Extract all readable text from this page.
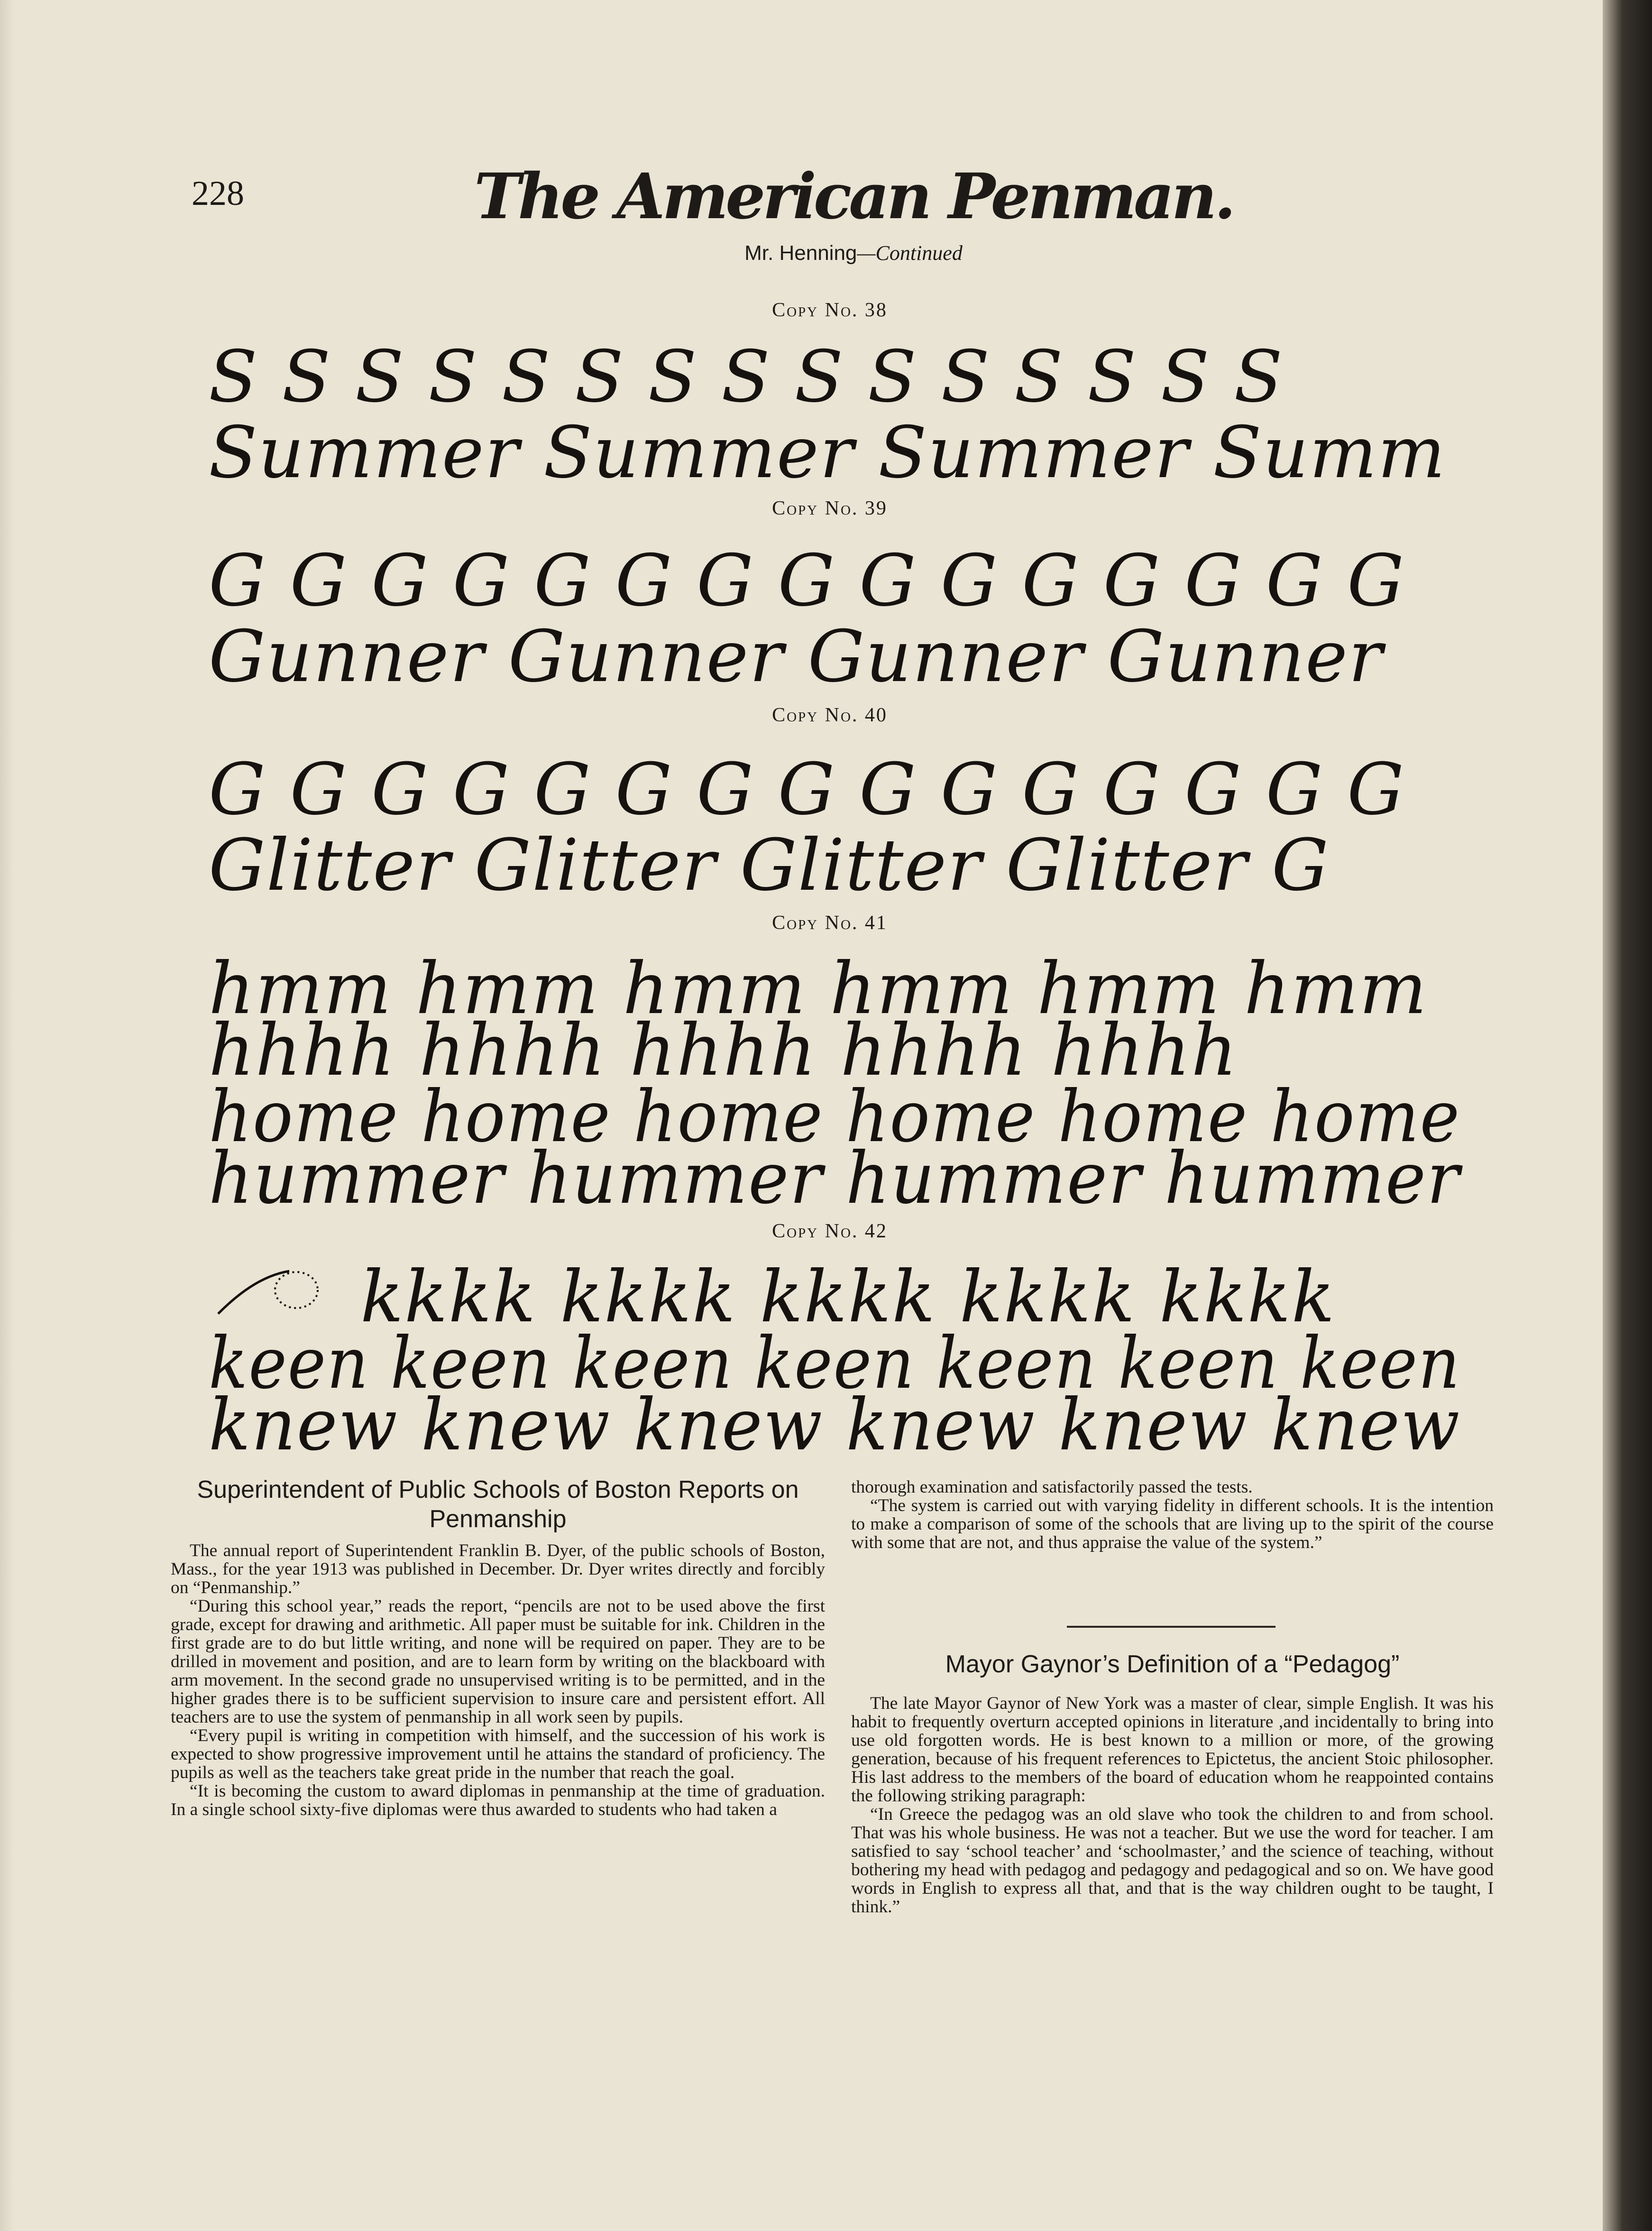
228	The American Penman.
Mr. Henning—Continued
Copy No. 38
S S S S S S S S S S S S S S S
Summer Summer Summer Summ
Copy No. 39
G G G G G G G G G G G G G G G
Gunner Gunner Gunner Gunner
Copy No. 40
G G G G G G G G G G G G G G G
Glitter Glitter Glitter Glitter G
Copy No. 41
hmm hmm hmm hmm hmm hmm
hhhh hhhh hhhh hhhh hhhh
home home home home home home
hummer hummer hummer hummer
Copy No. 42
kkkk kkkk kkkk kkkk kkkk
keen keen keen keen keen keen keen
knew knew knew knew knew knew
Superintendent of Public Schools of Boston Reports on Penmanship

The annual report of Superintendent Franklin B. Dyer, of the public schools of Boston, Mass., for the year 1913 was published in December. Dr. Dyer writes directly and forcibly on “Penmanship.”

“During this school year,” reads the report, “pencils are not to be used above the first grade, except for drawing and arithmetic. All paper must be suitable for ink. Children in the first grade are to do but little writing, and none will be required on paper. They are to be drilled in movement and position, and are to learn form by writing on the blackboard with arm movement. In the second grade no unsupervised writing is to be permitted, and in the higher grades there is to be sufficient supervision to insure care and persistent effort. All teachers are to use the system of penmanship in all work seen by pupils.

“Every pupil is writing in competition with himself, and the succession of his work is expected to show progressive improvement until he attains the standard of proficiency. The pupils as well as the teachers take great pride in the number that reach the goal.

“It is becoming the custom to award diplomas in penmanship at the time of graduation. In a single school sixty-five diplomas were thus awarded to students who had taken a

thorough examination and satisfactorily passed the tests.

“The system is carried out with varying fidelity in different schools. It is the intention to make a comparison of some of the schools that are living up to the spirit of the course with some that are not, and thus appraise the value of the system.”

Mayor Gaynor’s Definition of a “Pedagog”

The late Mayor Gaynor of New York was a master of clear, simple English. It was his habit to frequently overturn accepted opinions in literature ,and incidentally to bring into use old forgotten words. He is best known to a million or more, of the growing generation, because of his frequent references to Epictetus, the ancient Stoic philosopher. His last address to the members of the board of education whom he reappointed contains the following striking paragraph:

“In Greece the pedagog was an old slave who took the children to and from school. That was his whole business. He was not a teacher. But we use the word for teacher. I am satisfied to say ‘school teacher’ and ‘schoolmaster,’ and the science of teaching, without bothering my head with pedagog and pedagogy and pedagogical and so on. We have good words in English to express all that, and that is the way children ought to be taught, I think.”
